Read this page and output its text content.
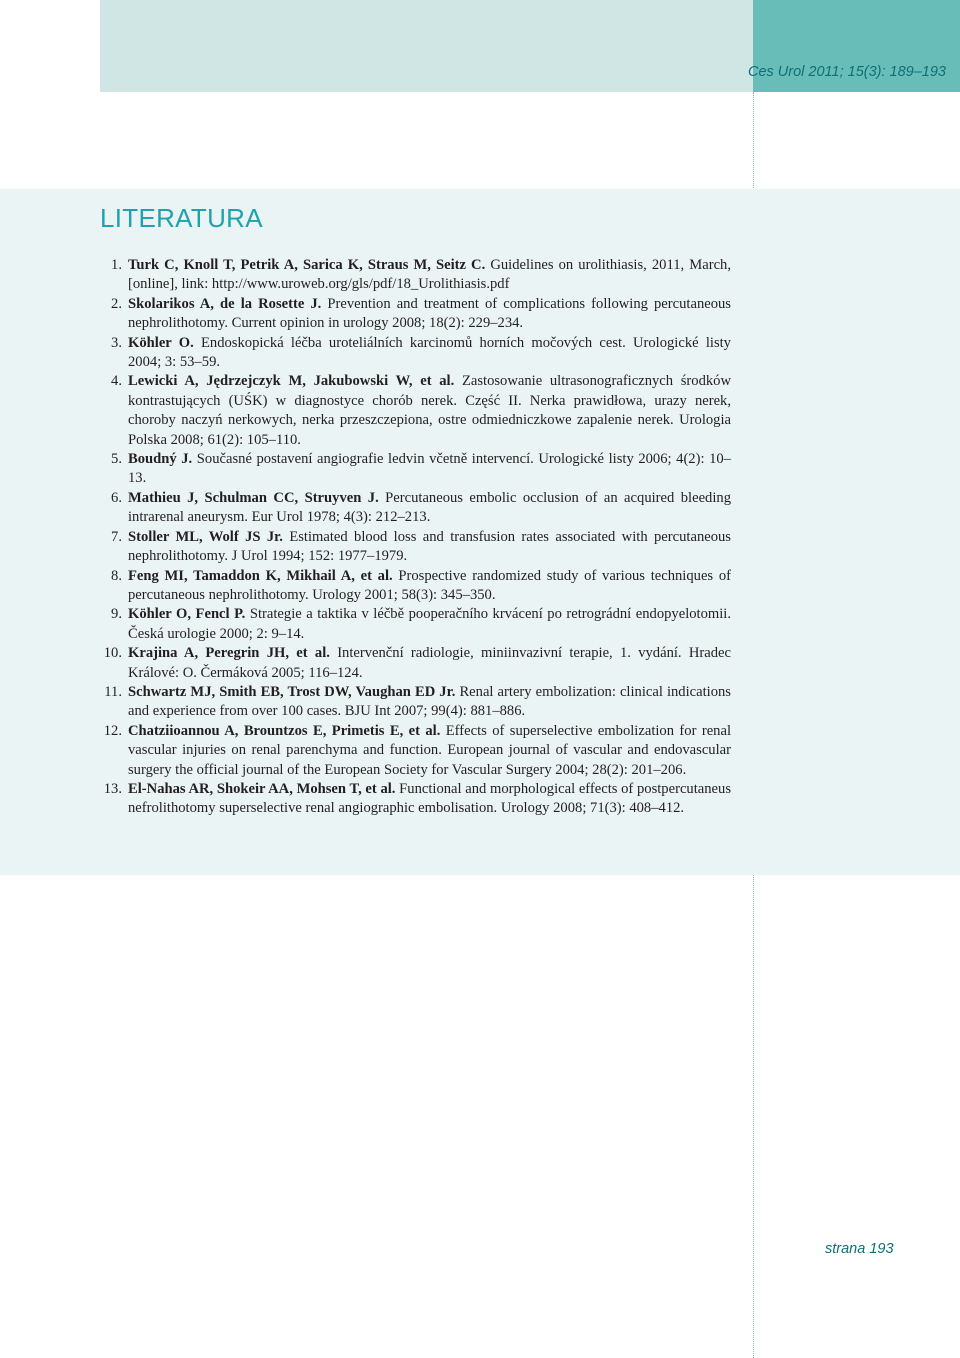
Ces Urol 2011; 15(3): 189–193
LITERATURA
1. Turk C, Knoll T, Petrik A, Sarica K, Straus M, Seitz C. Guidelines on urolithiasis, 2011, March, [online], link: http://www.uroweb.org/gls/pdf/18_Urolithiasis.pdf
2. Skolarikos A, de la Rosette J. Prevention and treatment of complications following percutaneous nephrolithotomy. Current opinion in urology 2008; 18(2): 229–234.
3. Köhler O. Endoskopická léčba uroteliálních karcinomů horních močových cest. Urologické listy 2004; 3: 53–59.
4. Lewicki A, Jędrzejczyk M, Jakubowski W, et al. Zastosowanie ultrasonograficznych środków kontrastujących (UŚK) w diagnostyce chorób nerek. Część II. Nerka prawidłowa, urazy nerek, choroby naczyń nerkowych, nerka przeszczepiona, ostre odmiedniczkowe zapalenie nerek. Urologia Polska 2008; 61(2): 105–110.
5. Boudný J. Současné postavení angiografie ledvin včetně intervencí. Urologické listy 2006; 4(2): 10–13.
6. Mathieu J, Schulman CC, Struyven J. Percutaneous embolic occlusion of an acquired bleeding intrarenal aneurysm. Eur Urol 1978; 4(3): 212–213.
7. Stoller ML, Wolf JS Jr. Estimated blood loss and transfusion rates associated with percutaneous nephrolithotomy. J Urol 1994; 152: 1977–1979.
8. Feng MI, Tamaddon K, Mikhail A, et al. Prospective randomized study of various techniques of percutaneous nephrolithotomy. Urology 2001; 58(3): 345–350.
9. Köhler O, Fencl P. Strategie a taktika v léčbě pooperačního krvácení po retrográdní endopyelotomii. Česká urologie 2000; 2: 9–14.
10. Krajina A, Peregrin JH, et al. Intervenční radiologie, miniinvazivní terapie, 1. vydání. Hradec Králové: O. Čermáková 2005; 116–124.
11. Schwartz MJ, Smith EB, Trost DW, Vaughan ED Jr. Renal artery embolization: clinical indications and experience from over 100 cases. BJU Int 2007; 99(4): 881–886.
12. Chatziioannou A, Brountzos E, Primetis E, et al. Effects of superselective embolization for renal vascular injuries on renal parenchyma and function. European journal of vascular and endovascular surgery the official journal of the European Society for Vascular Surgery 2004; 28(2): 201–206.
13. El-Nahas AR, Shokeir AA, Mohsen T, et al. Functional and morphological effects of postpercutaneus nefrolithotomy superselective renal angiographic embolisation. Urology 2008; 71(3): 408–412.
strana 193
